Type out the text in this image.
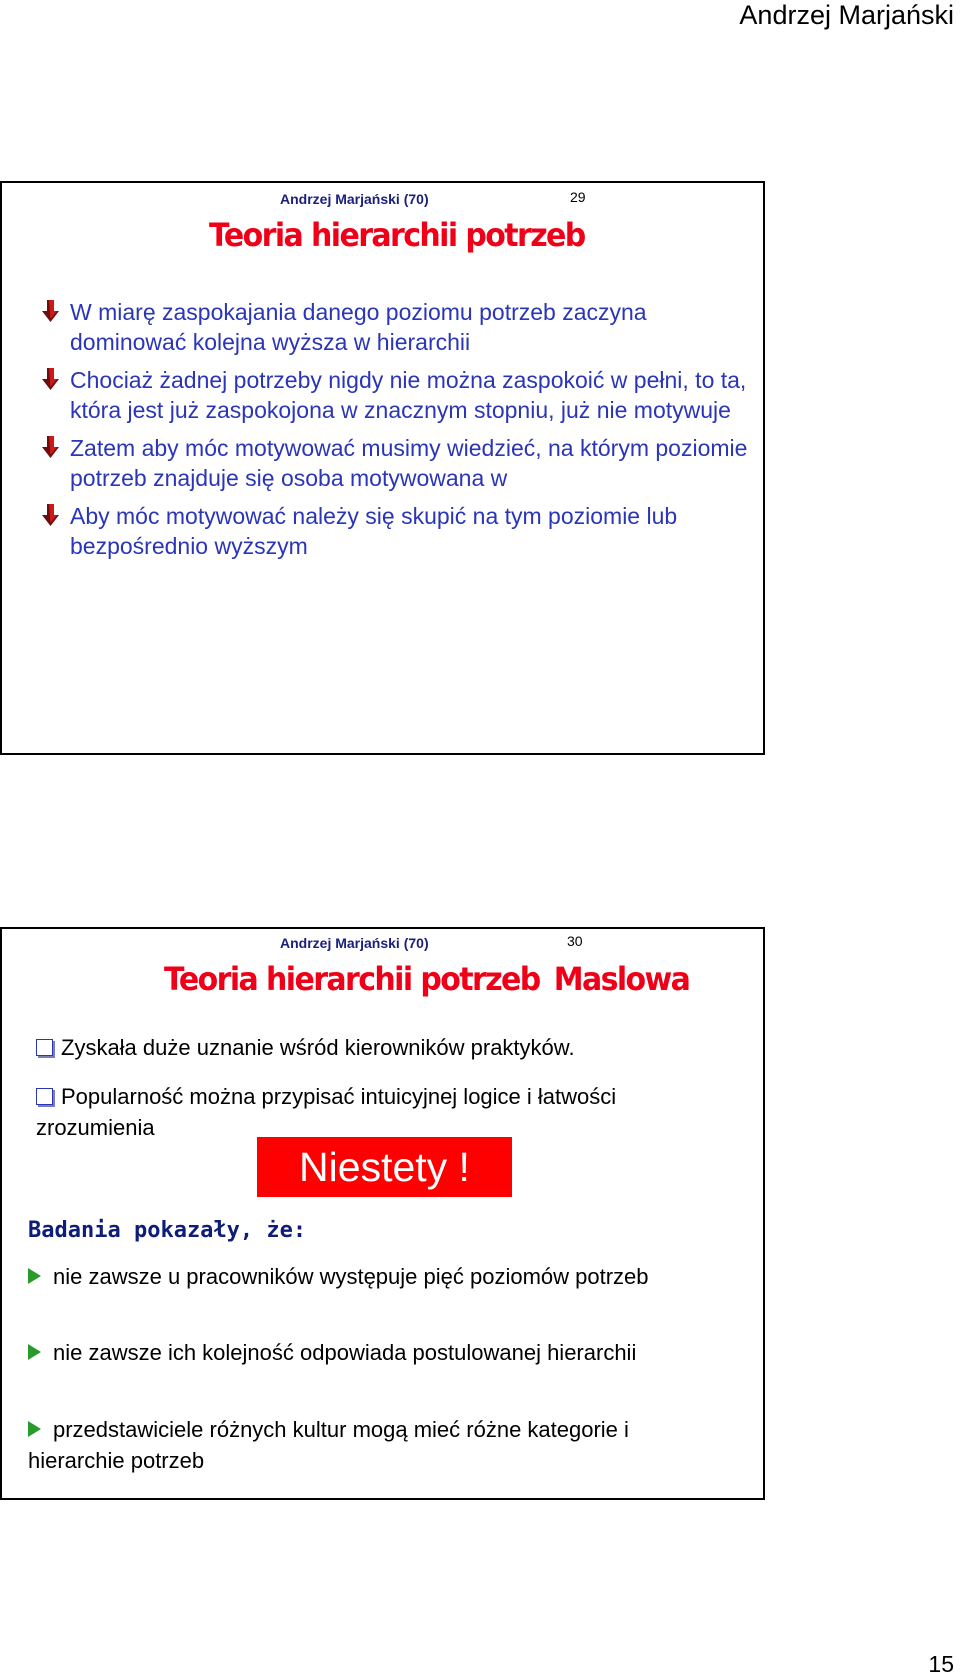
Andrzej Marjański
Andrzej Marjański (70)	29
Teoria hierarchii potrzeb
W miarę zaspokajania danego poziomu potrzeb zaczyna dominować kolejna wyższa w hierarchii
Chociaż żadnej potrzeby nigdy nie można zaspokoić w pełni, to ta, która jest już zaspokojona w znacznym stopniu, już nie motywuje
Zatem aby móc motywować musimy wiedzieć, na którym poziomie potrzeb znajduje się osoba motywowana w
Aby móc motywować należy się skupić na tym poziomie lub bezpośrednio wyższym
Andrzej Marjański (70)	30
Teoria hierarchii potrzeb Maslowa
Zyskała duże uznanie wśród kierowników praktyków.
Popularność można przypisać intuicyjnej logice i łatwości zrozumienia
Niestety !
Badania pokazały, że:
nie zawsze u pracowników występuje pięć poziomów potrzeb
nie zawsze ich kolejność odpowiada postulowanej hierarchii
przedstawiciele różnych kultur mogą mieć różne kategorie i hierarchie potrzeb
15
